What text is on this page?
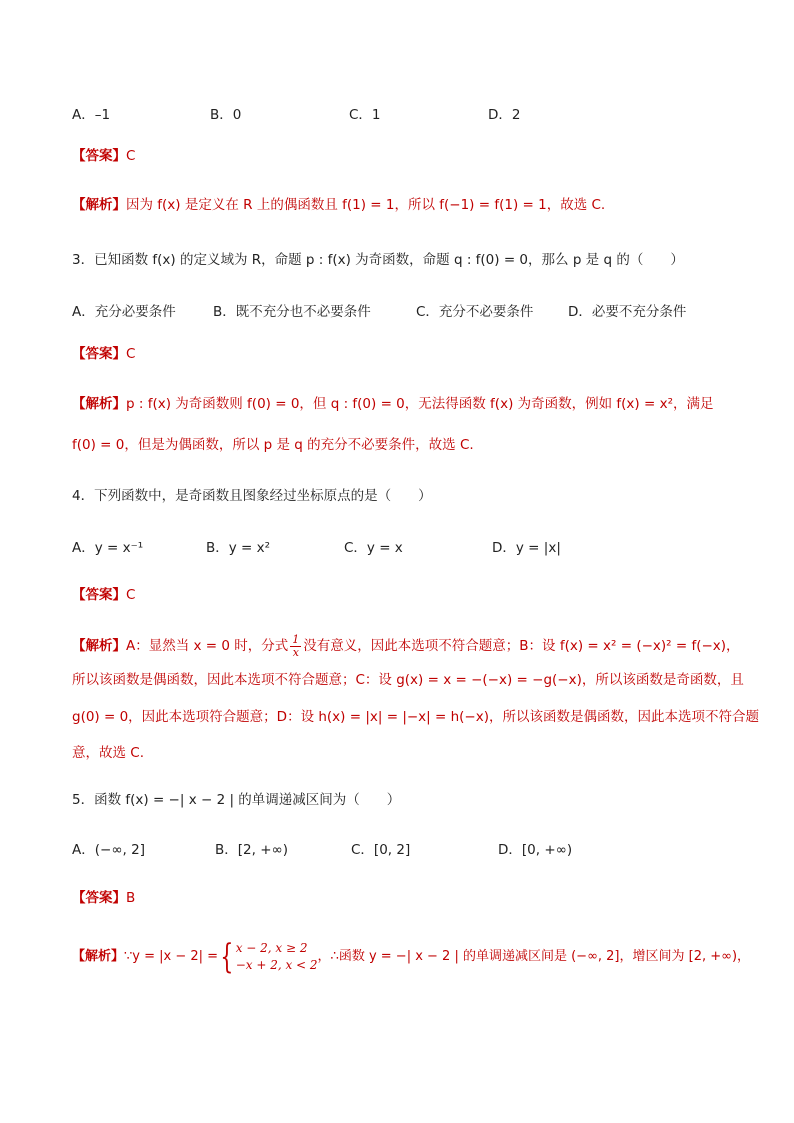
A．–1	B．0	C．1	D．2
【答案】C
【解析】因为 f(x) 是定义在 R 上的偶函数且 f(1) = 1，所以 f(−1) = f(1) = 1，故选 C.
3．已知函数 f(x) 的定义域为 R，命题 p : f(x) 为奇函数，命题 q : f(0) = 0，那么 p 是 q 的（　　）
A．充分必要条件	B．既不充分也不必要条件	C．充分不必要条件	D．必要不充分条件
【答案】C
【解析】p : f(x) 为奇函数则 f(0) = 0，但 q : f(0) = 0，无法得函数 f(x) 为奇函数，例如 f(x) = x²，满足
f(0) = 0，但是为偶函数，所以 p 是 q 的充分不必要条件，故选 C.
4．下列函数中，是奇函数且图象经过坐标原点的是（　　）
A．y = x⁻¹	B．y = x²	C．y = x	D．y = |x|
【答案】C
【解析】A：显然当 x = 0 时，分式 $\frac{1}{x}$ 没有意义，因此本选项不符合题意；B：设 f(x) = x² = (−x)² = f(−x)，
所以该函数是偶函数，因此本选项不符合题意；C：设 g(x) = x = −(−x) = −g(−x)，所以该函数是奇函数，且
g(0) = 0，因此本选项符合题意；D：设 h(x) = |x| = |−x| = h(−x)，所以该函数是偶函数，因此本选项不符合题
意，故选 C.
5．函数 f(x) = −| x − 2 | 的单调递减区间为（　　）
A．(−∞, 2]	B．[2, +∞)	C．[0, 2]	D．[0, +∞)
【答案】B
【解析】∵y = |x − 2| ={ x − 2, x ≥ 2
−x + 2, x < 2
，∴函数 y = −| x − 2 | 的单调递减区间是 (−∞, 2]，增区间为 [2, +∞)，
